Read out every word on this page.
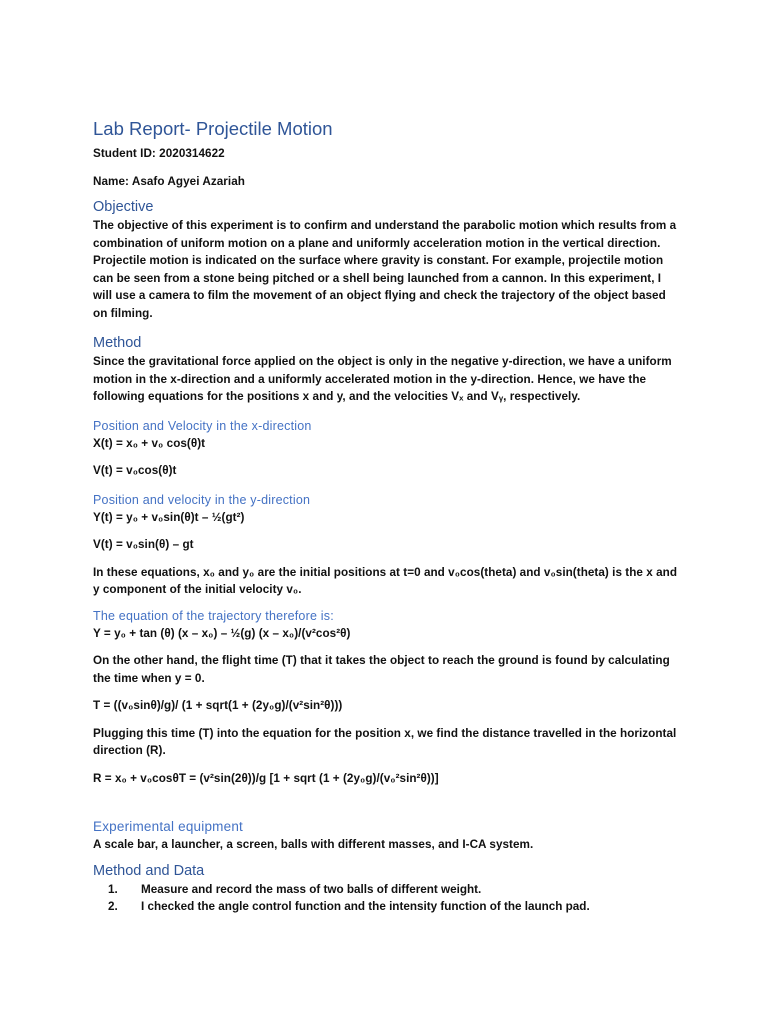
Lab Report- Projectile Motion

Student ID: 2020314622

Name: Asafo Agyei Azariah

Objective

The objective of this experiment is to confirm and understand the parabolic motion which results from a combination of uniform motion on a plane and uniformly acceleration motion in the vertical direction. Projectile motion is indicated on the surface where gravity is constant. For example, projectile motion can be seen from a stone being pitched or a shell being launched from a cannon. In this experiment, I will use a camera to film the movement of an object flying and check the trajectory of the object based on filming.

Method

Since the gravitational force applied on the object is only in the negative y-direction, we have a uniform motion in the x-direction and a uniformly accelerated motion in the y-direction. Hence, we have the following equations for the positions x and y, and the velocities Vₓ and Vᵧ, respectively.

Position and Velocity in the x-direction

X(t) = x₀ + v₀ cos(θ)t

V(t) = v₀cos(θ)t

Position and velocity in the y-direction

Y(t) = y₀ + v₀sin(θ)t – ½(gt²)

V(t) = v₀sin(θ) – gt

In these equations, x₀ and y₀ are the initial positions at t=0 and v₀cos(theta) and v₀sin(theta) is the x and y component of the initial velocity v₀.

The equation of the trajectory therefore is:

Y = y₀ + tan (θ) (x – x₀) – ½(g) (x – x₀)/(v²cos²θ)

On the other hand, the flight time (T) that it takes the object to reach the ground is found by calculating the time when y = 0.

T = ((v₀sinθ)/g)/ (1 + sqrt(1 + (2y₀g)/(v²sin²θ)))

Plugging this time (T) into the equation for the position x, we find the distance travelled in the horizontal direction (R).

R = x₀ + v₀cosθT = (v²sin(2θ))/g [1 + sqrt (1 + (2y₀g)/(v₀²sin²θ))]

Experimental equipment

A scale bar, a launcher, a screen, balls with different masses, and I-CA system.

Method and Data
1.	Measure and record the mass of two balls of different weight.
2.	I checked the angle control function and the intensity function of the launch pad.
